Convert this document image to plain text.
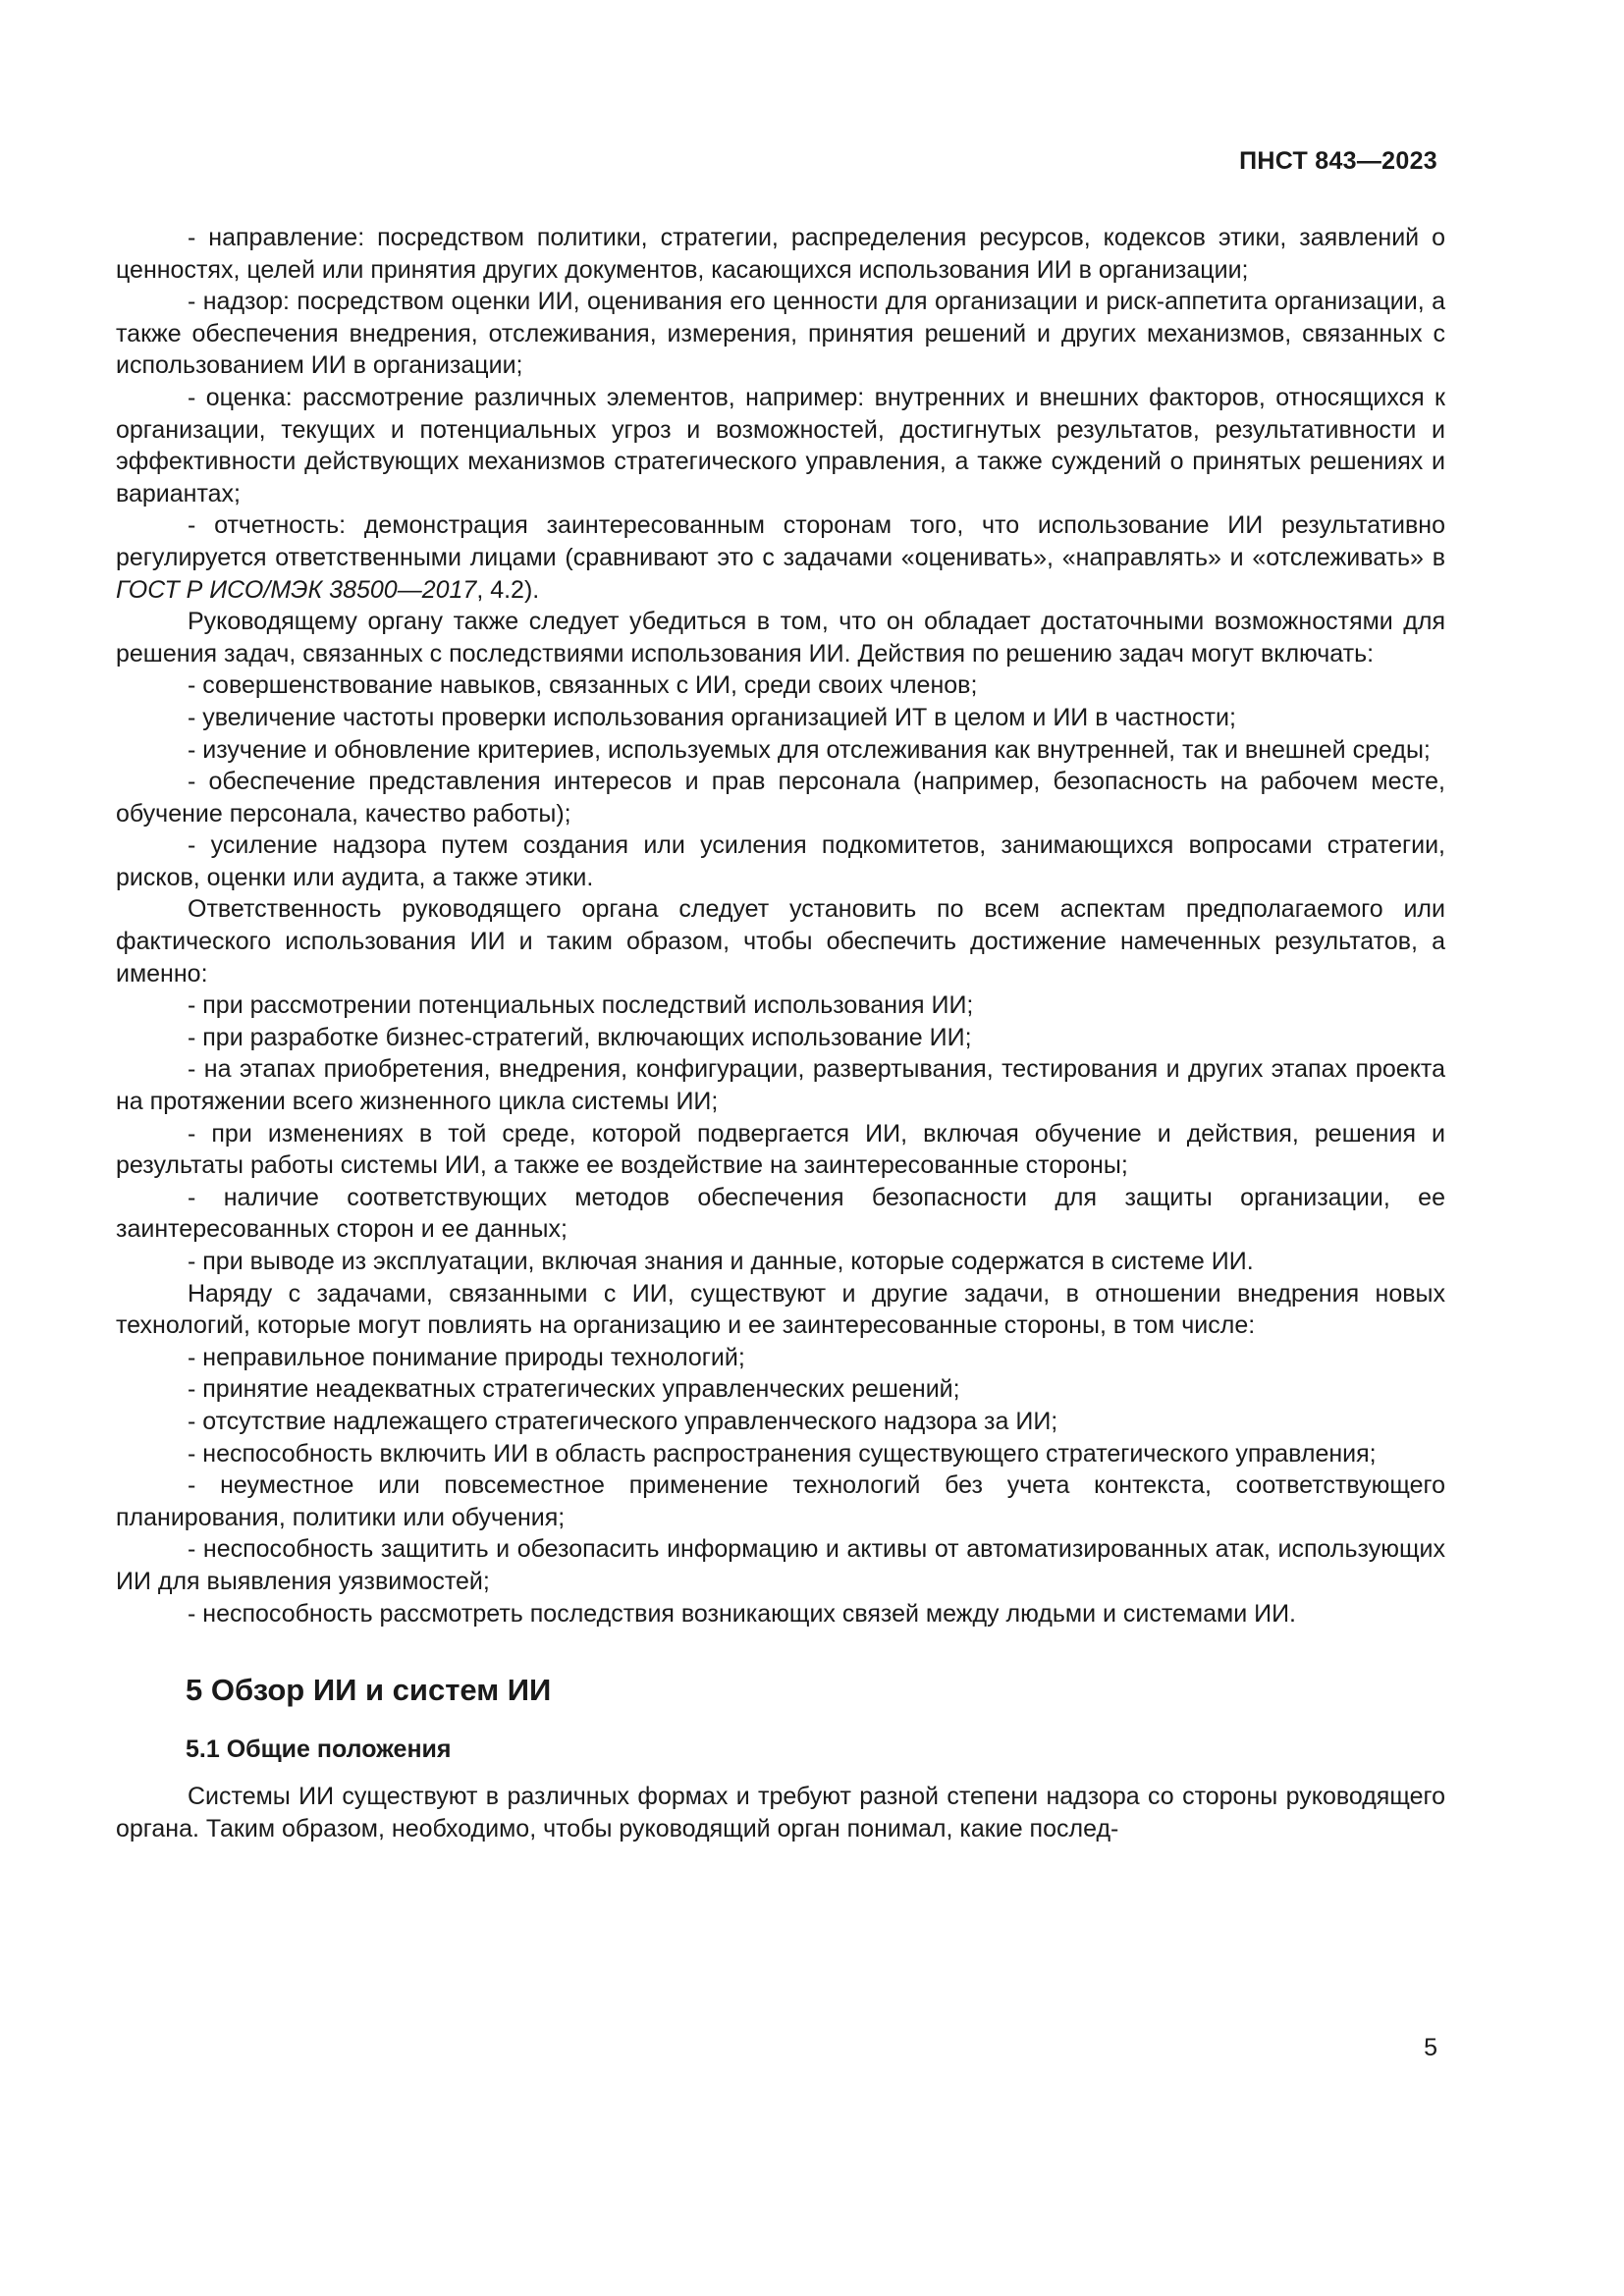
ПНСТ 843—2023

- направление: посредством политики, стратегии, распределения ресурсов, кодексов этики, заявлений о ценностях, целей или принятия других документов, касающихся использования ИИ в организации;

- надзор: посредством оценки ИИ, оценивания его ценности для организации и риск-аппетита организации, а также обеспечения внедрения, отслеживания, измерения, принятия решений и других механизмов, связанных с использованием ИИ в организации;

- оценка: рассмотрение различных элементов, например: внутренних и внешних факторов, относящихся к организации, текущих и потенциальных угроз и возможностей, достигнутых результатов, результативности и эффективности действующих механизмов стратегического управления, а также суждений о принятых решениях и вариантах;

- отчетность: демонстрация заинтересованным сторонам того, что использование ИИ результативно регулируется ответственными лицами (сравнивают это с задачами «оценивать», «направлять» и «отслеживать» в ГОСТ Р ИСО/МЭК 38500—2017, 4.2).

Руководящему органу также следует убедиться в том, что он обладает достаточными возможностями для решения задач, связанных с последствиями использования ИИ. Действия по решению задач могут включать:

- совершенствование навыков, связанных с ИИ, среди своих членов;

- увеличение частоты проверки использования организацией ИТ в целом и ИИ в частности;

- изучение и обновление критериев, используемых для отслеживания как внутренней, так и внешней среды;

- обеспечение представления интересов и прав персонала (например, безопасность на рабочем месте, обучение персонала, качество работы);

- усиление надзора путем создания или усиления подкомитетов, занимающихся вопросами стратегии, рисков, оценки или аудита, а также этики.

Ответственность руководящего органа следует установить по всем аспектам предполагаемого или фактического использования ИИ и таким образом, чтобы обеспечить достижение намеченных результатов, а именно:

- при рассмотрении потенциальных последствий использования ИИ;

- при разработке бизнес-стратегий, включающих использование ИИ;

- на этапах приобретения, внедрения, конфигурации, развертывания, тестирования и других этапах проекта на протяжении всего жизненного цикла системы ИИ;

- при изменениях в той среде, которой подвергается ИИ, включая обучение и действия, решения и результаты работы системы ИИ, а также ее воздействие на заинтересованные стороны;

- наличие соответствующих методов обеспечения безопасности для защиты организации, ее заинтересованных сторон и ее данных;

- при выводе из эксплуатации, включая знания и данные, которые содержатся в системе ИИ.

Наряду с задачами, связанными с ИИ, существуют и другие задачи, в отношении внедрения новых технологий, которые могут повлиять на организацию и ее заинтересованные стороны, в том числе:

- неправильное понимание природы технологий;

- принятие неадекватных стратегических управленческих решений;

- отсутствие надлежащего стратегического управленческого надзора за ИИ;

- неспособность включить ИИ в область распространения существующего стратегического управления;

- неуместное или повсеместное применение технологий без учета контекста, соответствующего планирования, политики или обучения;

- неспособность защитить и обезопасить информацию и активы от автоматизированных атак, использующих ИИ для выявления уязвимостей;

- неспособность рассмотреть последствия возникающих связей между людьми и системами ИИ.

5 Обзор ИИ и систем ИИ
5.1 Общие положения

Системы ИИ существуют в различных формах и требуют разной степени надзора со стороны руководящего органа. Таким образом, необходимо, чтобы руководящий орган понимал, какие послед-

5
